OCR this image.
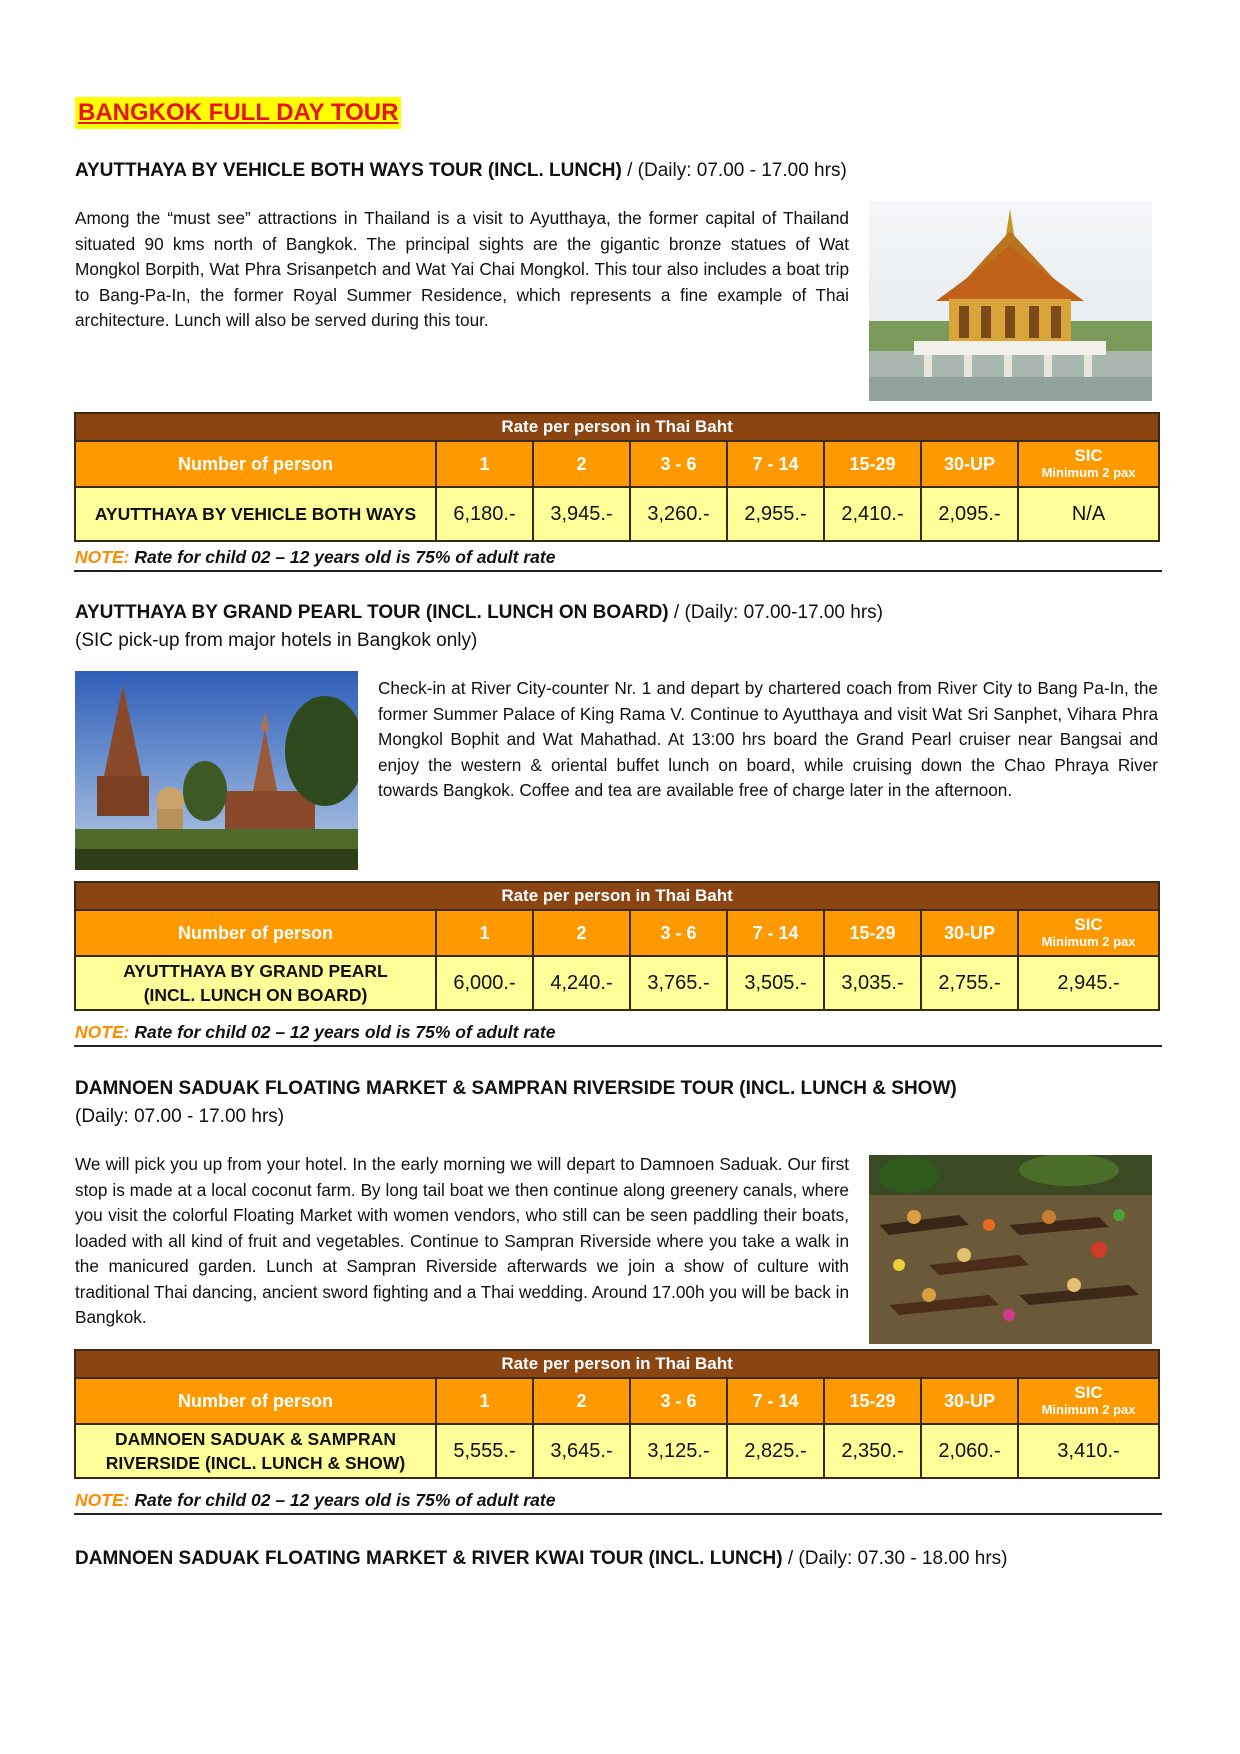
BANGKOK FULL DAY TOUR
AYUTTHAYA BY VEHICLE BOTH WAYS TOUR (INCL. LUNCH) / (Daily: 07.00 - 17.00 hrs)
Among the “must see” attractions in Thailand is a visit to Ayutthaya, the former capital of Thailand situated 90 kms north of Bangkok. The principal sights are the gigantic bronze statues of Wat Mongkol Borpith, Wat Phra Srisanpetch and Wat Yai Chai Mongkol. This tour also includes a boat trip to Bang-Pa-In, the former Royal Summer Residence, which represents a fine example of Thai architecture. Lunch will also be served during this tour.
Rate per person in Thai Baht							
Number of person	1	2	3 - 6	7 - 14	15-29	30-UP	SIC
Minimum 2 pax

AYUTTHAYA BY VEHICLE BOTH WAYS	6,180.-	3,945.-	3,260.-	2,955.-	2,410.-	2,095.-	N/A
NOTE: Rate for child 02 – 12 years old is 75% of adult rate
AYUTTHAYA BY GRAND PEARL TOUR (INCL. LUNCH ON BOARD) / (Daily: 07.00-17.00 hrs)
(SIC pick-up from major hotels in Bangkok only)
Check-in at River City-counter Nr. 1 and depart by chartered coach from River City to Bang Pa-In, the former Summer Palace of King Rama V. Continue to Ayutthaya and visit Wat Sri Sanphet, Vihara Phra Mongkol Bophit and Wat Mahathad. At 13:00 hrs board the Grand Pearl cruiser near Bangsai and enjoy the western & oriental buffet lunch on board, while cruising down the Chao Phraya River towards Bangkok. Coffee and tea are available free of charge later in the afternoon.
Rate per person in Thai Baht							
Number of person	1	2	3 - 6	7 - 14	15-29	30-UP	SIC
Minimum 2 pax

AYUTTHAYA BY GRAND PEARL
(INCL. LUNCH ON BOARD)	6,000.-	4,240.-	3,765.-	3,505.-	3,035.-	2,755.-	2,945.-
NOTE: Rate for child 02 – 12 years old is 75% of adult rate
DAMNOEN SADUAK FLOATING MARKET & SAMPRAN RIVERSIDE TOUR (INCL. LUNCH & SHOW)
(Daily: 07.00 - 17.00 hrs)
We will pick you up from your hotel. In the early morning we will depart to Damnoen Saduak. Our first stop is made at a local coconut farm. By long tail boat we then continue along greenery canals, where you visit the colorful Floating Market with women vendors, who still can be seen paddling their boats, loaded with all kind of fruit and vegetables. Continue to Sampran Riverside where you take a walk in the manicured garden. Lunch at Sampran Riverside afterwards we join a show of culture with traditional Thai dancing, ancient sword fighting and a Thai wedding. Around 17.00h you will be back in Bangkok.
Rate per person in Thai Baht							
Number of person	1	2	3 - 6	7 - 14	15-29	30-UP	SIC
Minimum 2 pax

DAMNOEN SADUAK & SAMPRAN
RIVERSIDE (INCL. LUNCH & SHOW)	5,555.-	3,645.-	3,125.-	2,825.-	2,350.-	2,060.-	3,410.-
NOTE: Rate for child 02 – 12 years old is 75% of adult rate
DAMNOEN SADUAK FLOATING MARKET & RIVER KWAI TOUR (INCL. LUNCH) / (Daily: 07.30 - 18.00 hrs)
